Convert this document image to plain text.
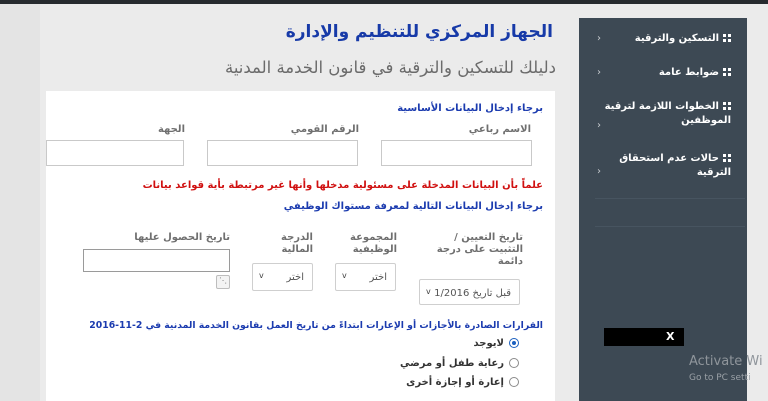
الجهاز المركزي للتنظيم والإدارة
دليلك للتسكين والترقية في قانون الخدمة المدنية
التسكين والترقية
‹
ضوابط عامة
‹
الخطوات اللازمة لترقية
الموظفين
‹
حالات عدم استحقاق
الترقية
‹
X
Activate Wi
Go to PC setti
برجاء إدخال البيانات الأساسية
الاسم رباعي
الرقم القومي
الجهة
علماً بأن البيانات المدخلة على مسئولية مدخلها وأنها غير مرتبطة بأية قواعد بيانات
برجاء إدخال البيانات التالية لمعرفة مستواك الوظيفي
تاريخ التعيين /
التثبيت على درجة
دائمة
قبل تاريخ 1/2016
v
المجموعة
الوظيفية
اختر
v
الدرجة
المالية
اختر
v
تاريخ الحصول عليها
⋰
القرارات الصادرة بالأجازات أو الإعارات ابتداءً من تاريخ العمل بقانون الخدمة المدنية في 2-11-2016
لايوجد
رعاية طفل أو مرضي
إعارة أو إجازة أخرى
